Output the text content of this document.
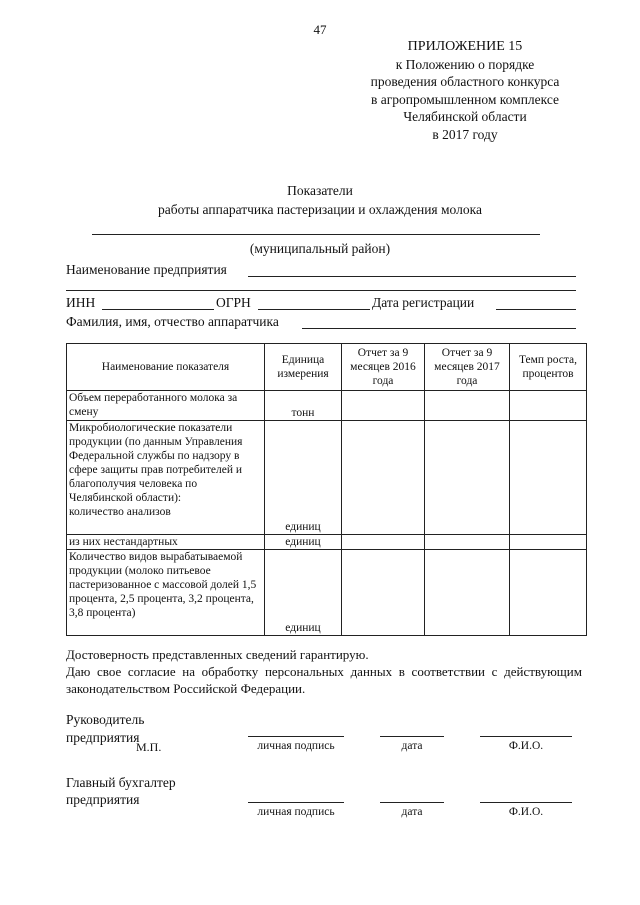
47
ПРИЛОЖЕНИЕ 15
к Положению о порядке
проведения областного конкурса
в агропромышленном комплексе
Челябинской области
в 2017 году
Показатели
работы аппаратчика пастеризации и охлаждения молока
(муниципальный район)
Наименование предприятия
ИНН	ОГРН	Дата регистрации
Фамилия, имя, отчество аппаратчика
Наименование показателя	Единица измерения	Отчет за 9 месяцев 2016 года	Отчет за 9 месяцев 2017 года	Темп роста, процентов
Объем переработанного молока за смену	тонн			

Микробиологические показатели продукции (по данным Управления Федеральной службы по надзору в сфере защиты прав потребителей и благополучия человека по Челябинской области):
количество анализов	единиц			
из них нестандартных	единиц			
Количество видов вырабатываемой продукции (молоко питьевое пастеризованное с массовой долей 1,5 процента, 2,5 процента, 3,2 процента, 3,8 процента)	единиц			
Достоверность представленных сведений гарантирую.
Даю свое согласие на обработку персональных данных в соответствии с действующим законодательством Российской Федерации.
Руководитель
предприятия
М.П.	личная подпись	дата	Ф.И.О.
Главный бухгалтер
предприятия
личная подпись	дата	Ф.И.О.
